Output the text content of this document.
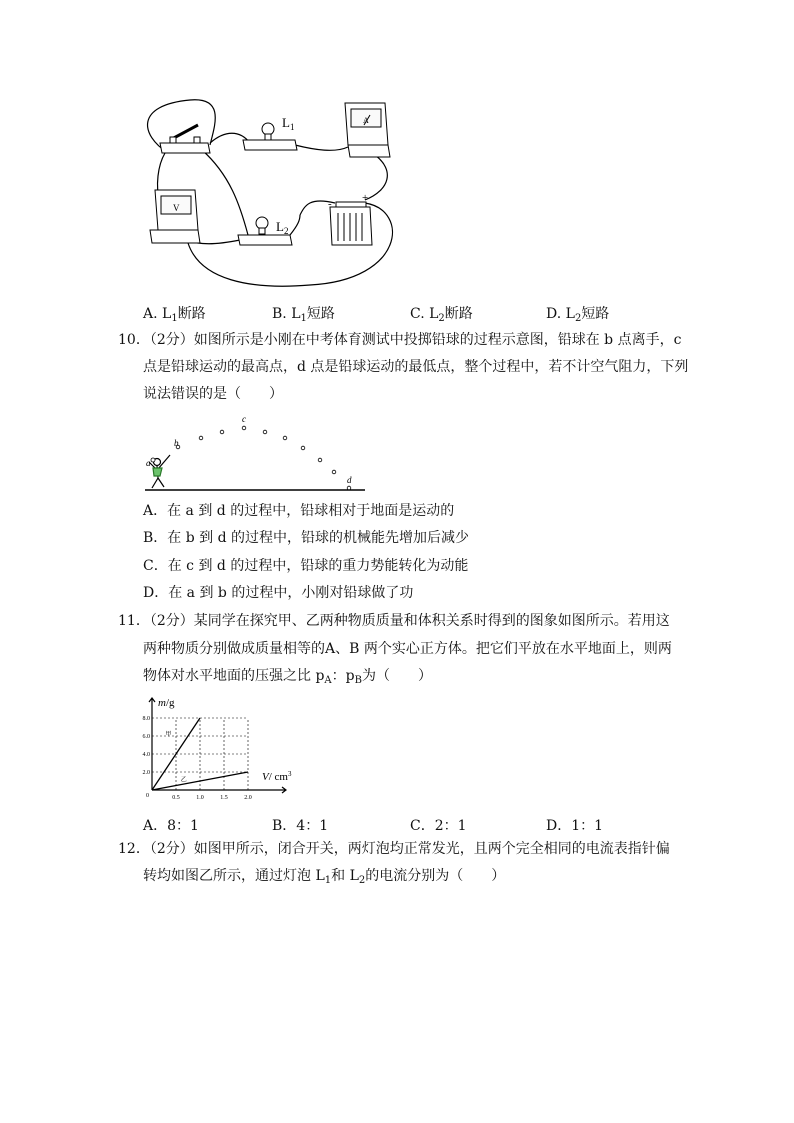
$L_1$
A
V
$L_2$
+
-
A. $L_1$断路	B. $L_1$短路	C. $L_2$断路	D. $L_2$短路
10．（2分）如图所示是小刚在中考体育测试中投掷铅球的过程示意图，铅球在 b 点离手，c
点是铅球运动的最高点，d 点是铅球运动的最低点，整个过程中，若不计空气阻力，下列
说法错误的是（　　）
a
b
c
d
A．在 a 到 d 的过程中，铅球相对于地面是运动的
B．在 b 到 d 的过程中，铅球的机械能先增加后减少
C．在 c 到 d 的过程中，铅球的重力势能转化为动能
D．在 a 到 b 的过程中，小刚对铅球做了功
11．（2分）某同学在探究甲、乙两种物质质量和体积关系时得到的图象如图所示。若用这
两种物质分别做成质量相等的A、B 两个实心正方体。把它们平放在水平地面上，则两
物体对水平地面的压强之比 $p_A$：$p_B$为（　　）
0.5	1.0	1.5	2.0
2.0
4.0
6.0
8.0
0
甲
乙
m/g
V/ $cm^3$
A．8：1	B．4：1	C．2：1	D．1：1
12．（2分）如图甲所示，闭合开关，两灯泡均正常发光，且两个完全相同的电流表指针偏
转均如图乙所示，通过灯泡 $L_1$和 $L_2$的电流分别为（　　）
